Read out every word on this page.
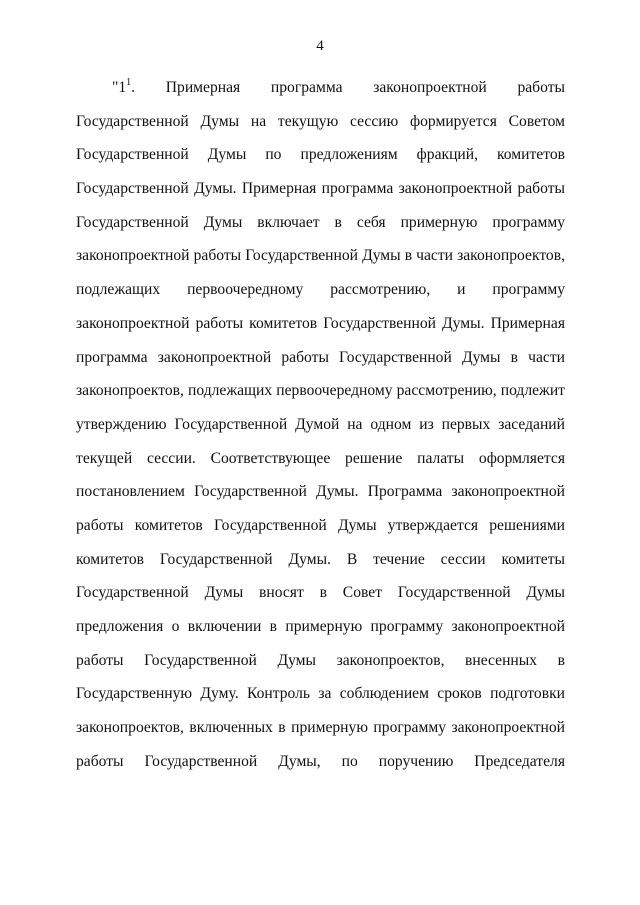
4
"$1^1$. Примерная программа законопроектной работы
Государственной Думы на текущую сессию формируется Советом
Государственной Думы по предложениям фракций, комитетов
Государственной Думы. Примерная программа законопроектной работы
Государственной Думы включает в себя примерную программу
законопроектной работы Государственной Думы в части законопроектов,
подлежащих первоочередному рассмотрению, и программу
законопроектной работы комитетов Государственной Думы. Примерная
программа законопроектной работы Государственной Думы в части
законопроектов, подлежащих первоочередному рассмотрению, подлежит
утверждению Государственной Думой на одном из первых заседаний
текущей сессии. Соответствующее решение палаты оформляется
постановлением Государственной Думы. Программа законопроектной
работы комитетов Государственной Думы утверждается решениями
комитетов Государственной Думы. В течение сессии комитеты
Государственной Думы вносят в Совет Государственной Думы
предложения о включении в примерную программу законопроектной
работы Государственной Думы законопроектов, внесенных в
Государственную Думу. Контроль за соблюдением сроков подготовки
законопроектов, включенных в примерную программу законопроектной
работы Государственной Думы, по поручению Председателя
